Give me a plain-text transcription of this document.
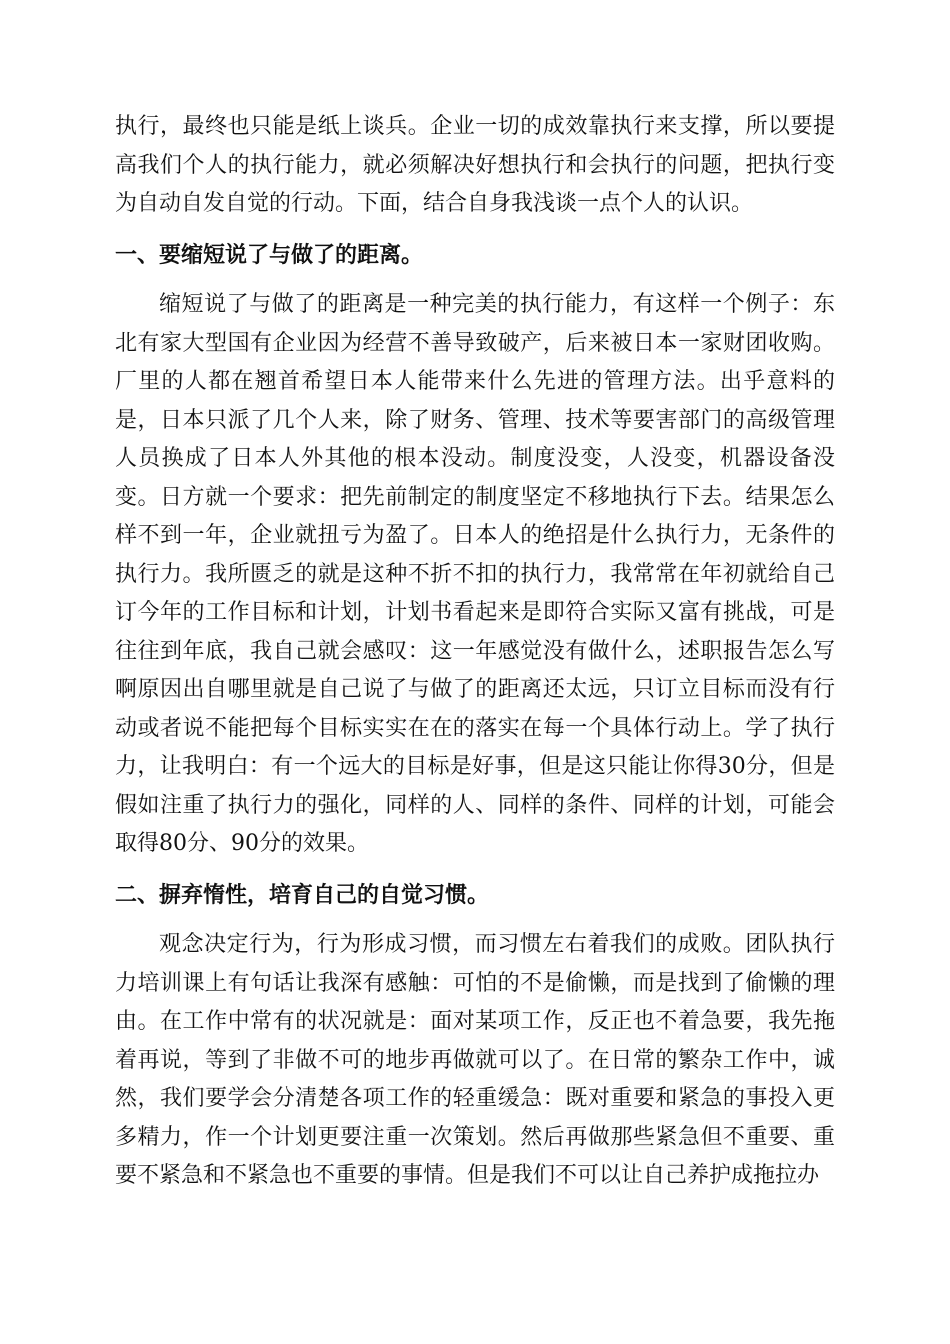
执行，最终也只能是纸上谈兵。企业一切的成效靠执行来支撑，所以要提高我们个人的执行能力，就必须解决好想执行和会执行的问题，把执行变为自动自发自觉的行动。下面，结合自身我浅谈一点个人的认识。

一、要缩短说了与做了的距离。

缩短说了与做了的距离是一种完美的执行能力，有这样一个例子：东北有家大型国有企业因为经营不善导致破产，后来被日本一家财团收购。厂里的人都在翘首希望日本人能带来什么先进的管理方法。出乎意料的是，日本只派了几个人来，除了财务、管理、技术等要害部门的高级管理人员换成了日本人外其他的根本没动。制度没变，人没变，机器设备没变。日方就一个要求：把先前制定的制度坚定不移地执行下去。结果怎么样不到一年，企业就扭亏为盈了。日本人的绝招是什么执行力，无条件的执行力。我所匮乏的就是这种不折不扣的执行力，我常常在年初就给自己订今年的工作目标和计划，计划书看起来是即符合实际又富有挑战，可是往往到年底，我自己就会感叹：这一年感觉没有做什么，述职报告怎么写啊原因出自哪里就是自己说了与做了的距离还太远，只订立目标而没有行动或者说不能把每个目标实实在在的落实在每一个具体行动上。学了执行力，让我明白：有一个远大的目标是好事，但是这只能让你得30分，但是假如注重了执行力的强化，同样的人、同样的条件、同样的计划，可能会取得80分、90分的效果。

二、摒弃惰性，培育自己的自觉习惯。

观念决定行为，行为形成习惯，而习惯左右着我们的成败。团队执行力培训课上有句话让我深有感触：可怕的不是偷懒，而是找到了偷懒的理由。在工作中常有的状况就是：面对某项工作，反正也不着急要，我先拖着再说，等到了非做不可的地步再做就可以了。在日常的繁杂工作中，诚然，我们要学会分清楚各项工作的轻重缓急：既对重要和紧急的事投入更多精力，作一个计划更要注重一次策划。然后再做那些紧急但不重要、重要不紧急和不紧急也不重要的事情。但是我们不可以让自己养护成拖拉办
